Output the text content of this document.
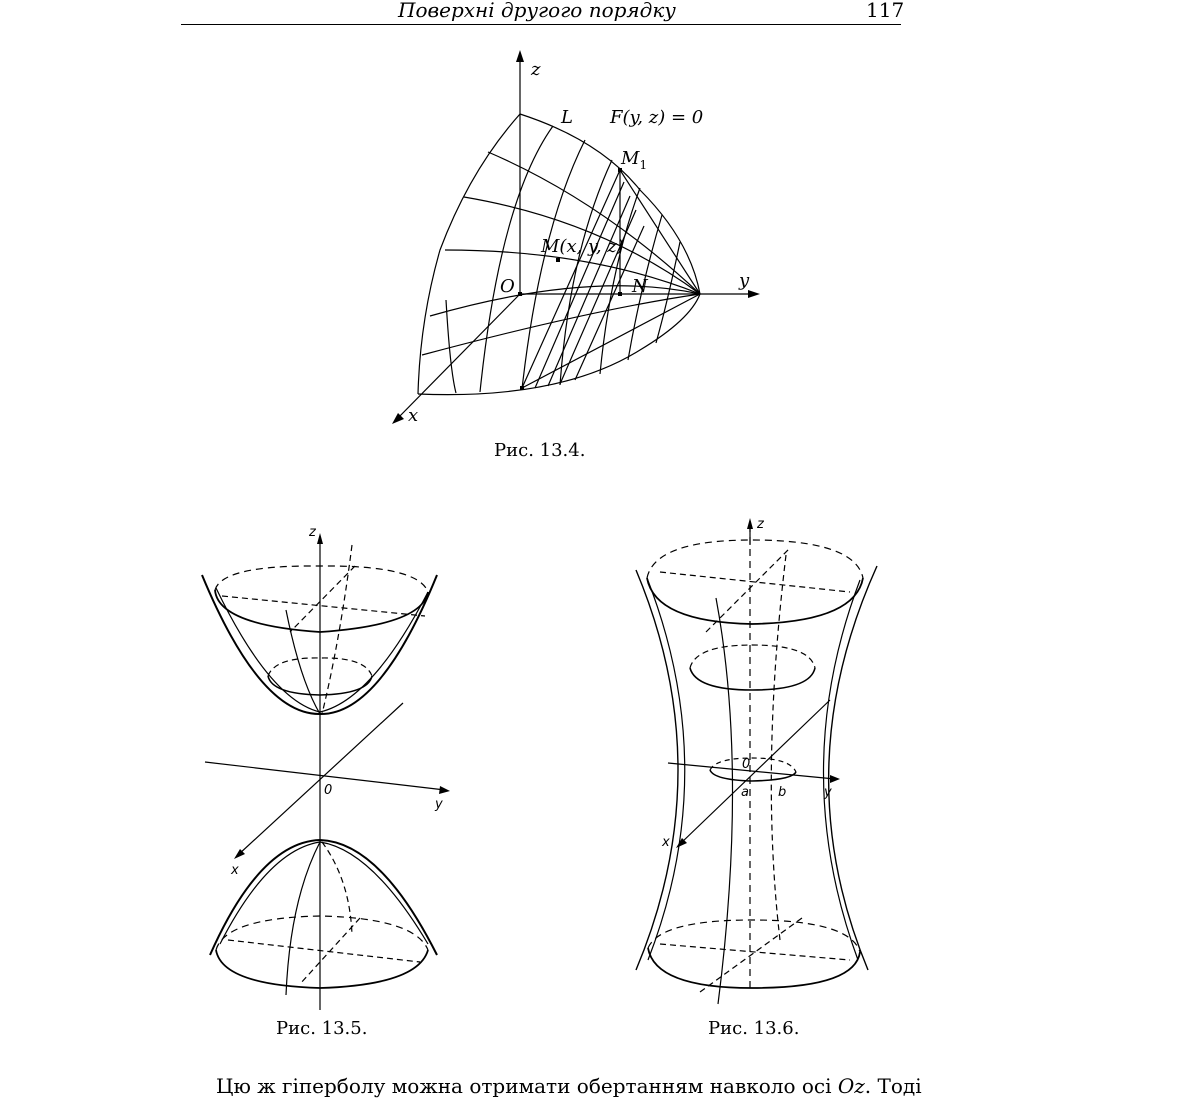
Поверхні другого порядку	117
z
y
x
L F(y, z) = 0
$M_1$
M(x, y, z)
O	N
z
y
x
0
z
y
x
0
a b
Рис. 13.4.
Рис. 13.5.	Рис. 13.6.
Цю ж гіперболу можна отримати обертанням навколо осі Oz. Тоді
